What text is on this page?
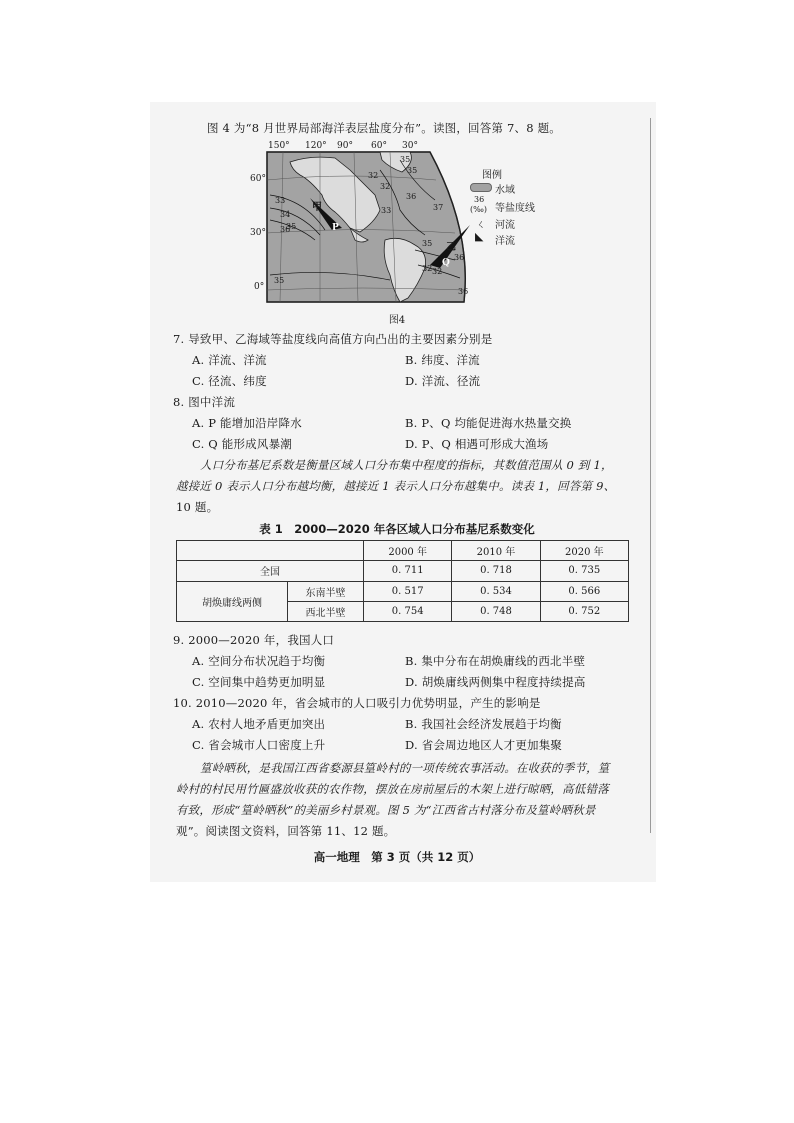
图 4 为“8 月世界局部海洋表层盐度分布”。读图，回答第 7、8 题。
150° 120° 90° 60° 30°
60°
30°
0°
甲
乙
P
Q
35
32
33
34
35
32
36
33	37
35
36
32 32
35
36
35
36
图例
水域
36
(‰) 等盐度线
ㄑ 河流
◣ 洋流
图4
7. 导致甲、乙海域等盐度线向高值方向凸出的主要因素分别是
A. 洋流、洋流	B. 纬度、洋流
C. 径流、纬度	D. 洋流、径流
8. 图中洋流
A. P 能增加沿岸降水	B. P、Q 均能促进海水热量交换
C. Q 能形成风暴潮	D. P、Q 相遇可形成大渔场
人口分布基尼系数是衡量区域人口分布集中程度的指标，其数值范围从 0 到 1，
越接近 0 表示人口分布越均衡，越接近 1 表示人口分布越集中。读表 1，回答第 9、
10 题。
表 1　2000—2020 年各区域人口分布基尼系数变化
		2000 年	2010 年	2020 年
全国		0. 711	0. 718	0. 735
胡焕庸线两侧	东南半壁	0. 517	0. 534	0. 566
	西北半壁	0. 754	0. 748	0. 752
9. 2000—2020 年，我国人口
A. 空间分布状况趋于均衡	B. 集中分布在胡焕庸线的西北半壁
C. 空间集中趋势更加明显	D. 胡焕庸线两侧集中程度持续提高
10. 2010—2020 年，省会城市的人口吸引力优势明显，产生的影响是
A. 农村人地矛盾更加突出	B. 我国社会经济发展趋于均衡
C. 省会城市人口密度上升	D. 省会周边地区人才更加集聚
篁岭晒秋，是我国江西省婺源县篁岭村的一项传统农事活动。在收获的季节，篁
岭村的村民用竹匾盛放收获的农作物，摆放在房前屋后的木架上进行晾晒，高低错落
有致，形成“篁岭晒秋”的美丽乡村景观。图 5 为“江西省古村落分布及篁岭晒秋景
观”。阅读图文资料，回答第 11、12 题。
高一地理　第 3 页（共 12 页）
